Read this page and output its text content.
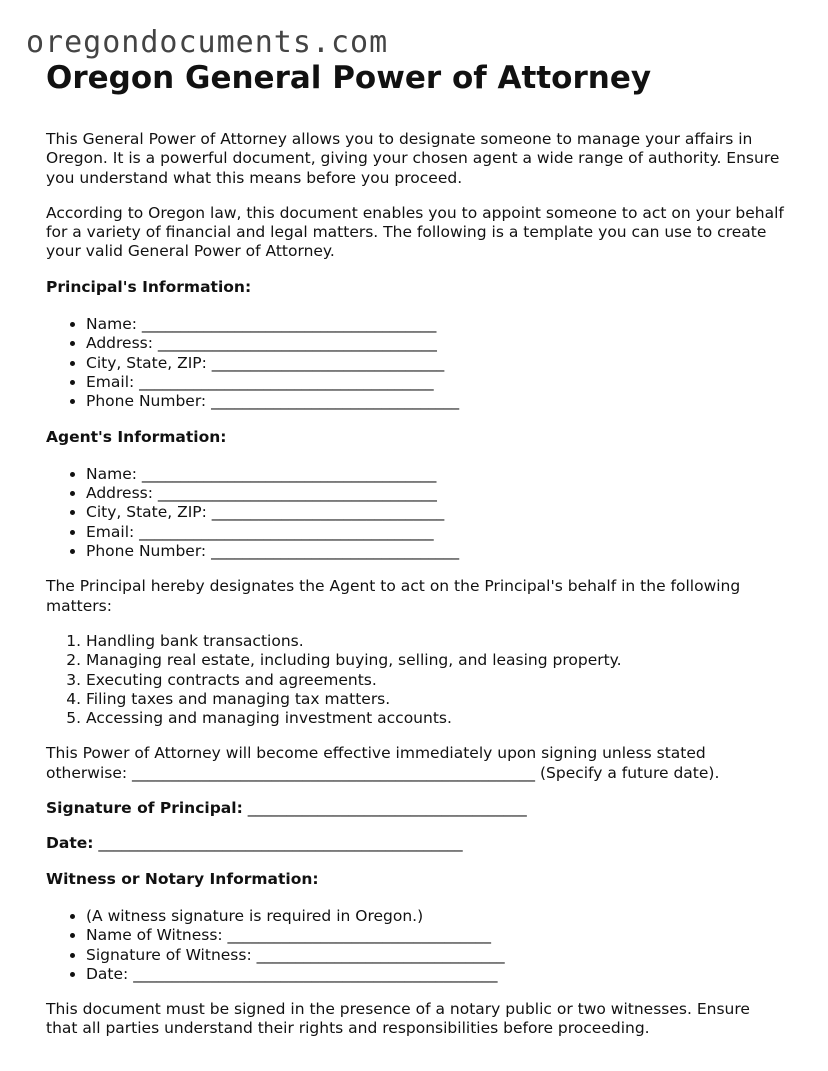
oregondocuments.com
Oregon General Power of Attorney

This General Power of Attorney allows you to designate someone to manage your affairs in Oregon. It is a powerful document, giving your chosen agent a wide range of authority. Ensure you understand what this means before you proceed.

According to Oregon law, this document enables you to appoint someone to act on your behalf for a variety of financial and legal matters. The following is a template you can use to create your valid General Power of Attorney.

Principal's Information:
• Name: ______________________________________
• Address: ____________________________________
• City, State, ZIP: ______________________________
• Email: ______________________________________
• Phone Number: ________________________________
Agent's Information:
• Name: ______________________________________
• Address: ____________________________________
• City, State, ZIP: ______________________________
• Email: ______________________________________
• Phone Number: ________________________________

The Principal hereby designates the Agent to act on the Principal's behalf in the following matters:

1. Handling bank transactions.
2. Managing real estate, including buying, selling, and leasing property.
3. Executing contracts and agreements.
4. Filing taxes and managing tax matters.
5. Accessing and managing investment accounts.

This Power of Attorney will become effective immediately upon signing unless stated otherwise: ____________________________________________________ (Specify a future date).

Signature of Principal: ____________________________________
Date: _______________________________________________
Witness or Notary Information:
• (A witness signature is required in Oregon.)
• Name of Witness: __________________________________
• Signature of Witness: ________________________________
• Date: _______________________________________________

This document must be signed in the presence of a notary public or two witnesses. Ensure that all parties understand their rights and responsibilities before proceeding.
